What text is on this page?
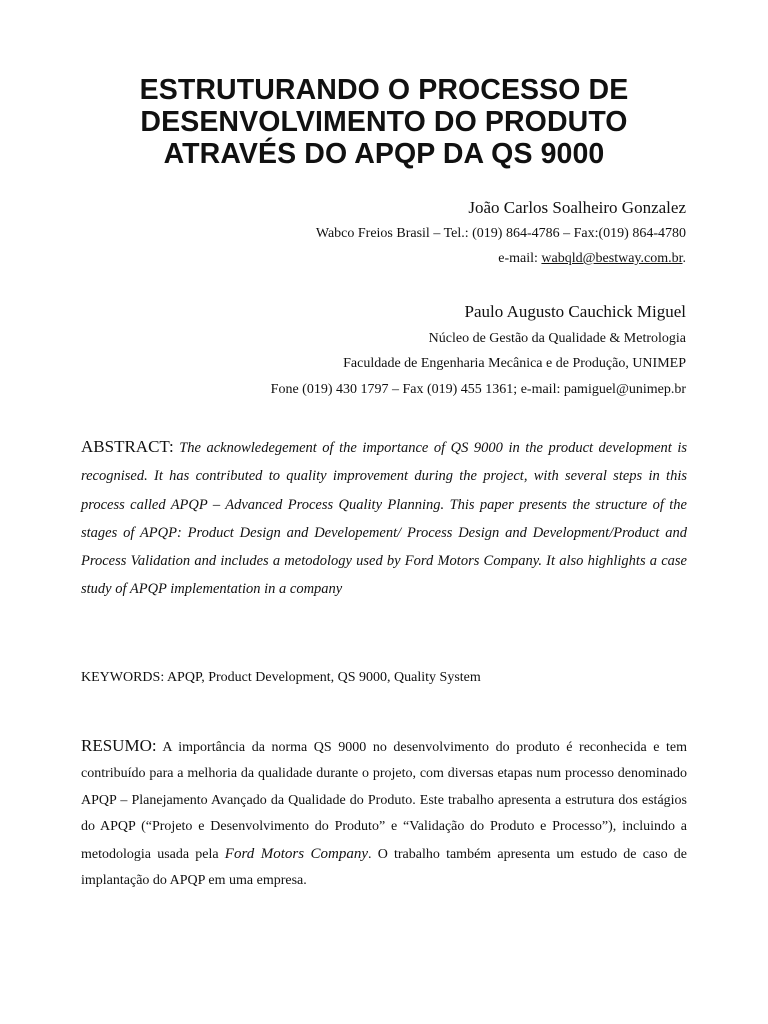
ESTRUTURANDO O PROCESSO DE
DESENVOLVIMENTO DO PRODUTO
ATRAVÉS DO APQP DA QS 9000
João Carlos Soalheiro Gonzalez
Wabco Freios Brasil – Tel.: (019) 864-4786 – Fax:(019) 864-4780
e-mail: wabqld@bestway.com.br.
Paulo Augusto Cauchick Miguel
Núcleo de Gestão da Qualidade & Metrologia
Faculdade de Engenharia Mecânica e de Produção, UNIMEP
Fone (019) 430 1797 – Fax (019) 455 1361; e-mail: pamiguel@unimep.br
ABSTRACT: The acknowledegement of the importance of QS 9000 in the product development is recognised. It has contributed to quality improvement during the project, with several steps in this process called APQP – Advanced Process Quality Planning. This paper presents the structure of the stages of APQP: Product Design and Developement/ Process Design and Development/Product and Process Validation and includes a metodology used by Ford Motors Company. It also highlights a case study of APQP implementation in a company
KEYWORDS: APQP, Product Development, QS 9000, Quality System
RESUMO: A importância da norma QS 9000 no desenvolvimento do produto é reconhecida e tem contribuído para a melhoria da qualidade durante o projeto, com diversas etapas num processo denominado APQP – Planejamento Avançado da Qualidade do Produto. Este trabalho apresenta a estrutura dos estágios do APQP (“Projeto e Desenvolvimento do Produto” e “Validação do Produto e Processo”), incluindo a metodologia usada pela Ford Motors Company. O trabalho também apresenta um estudo de caso de implantação do APQP em uma empresa.
